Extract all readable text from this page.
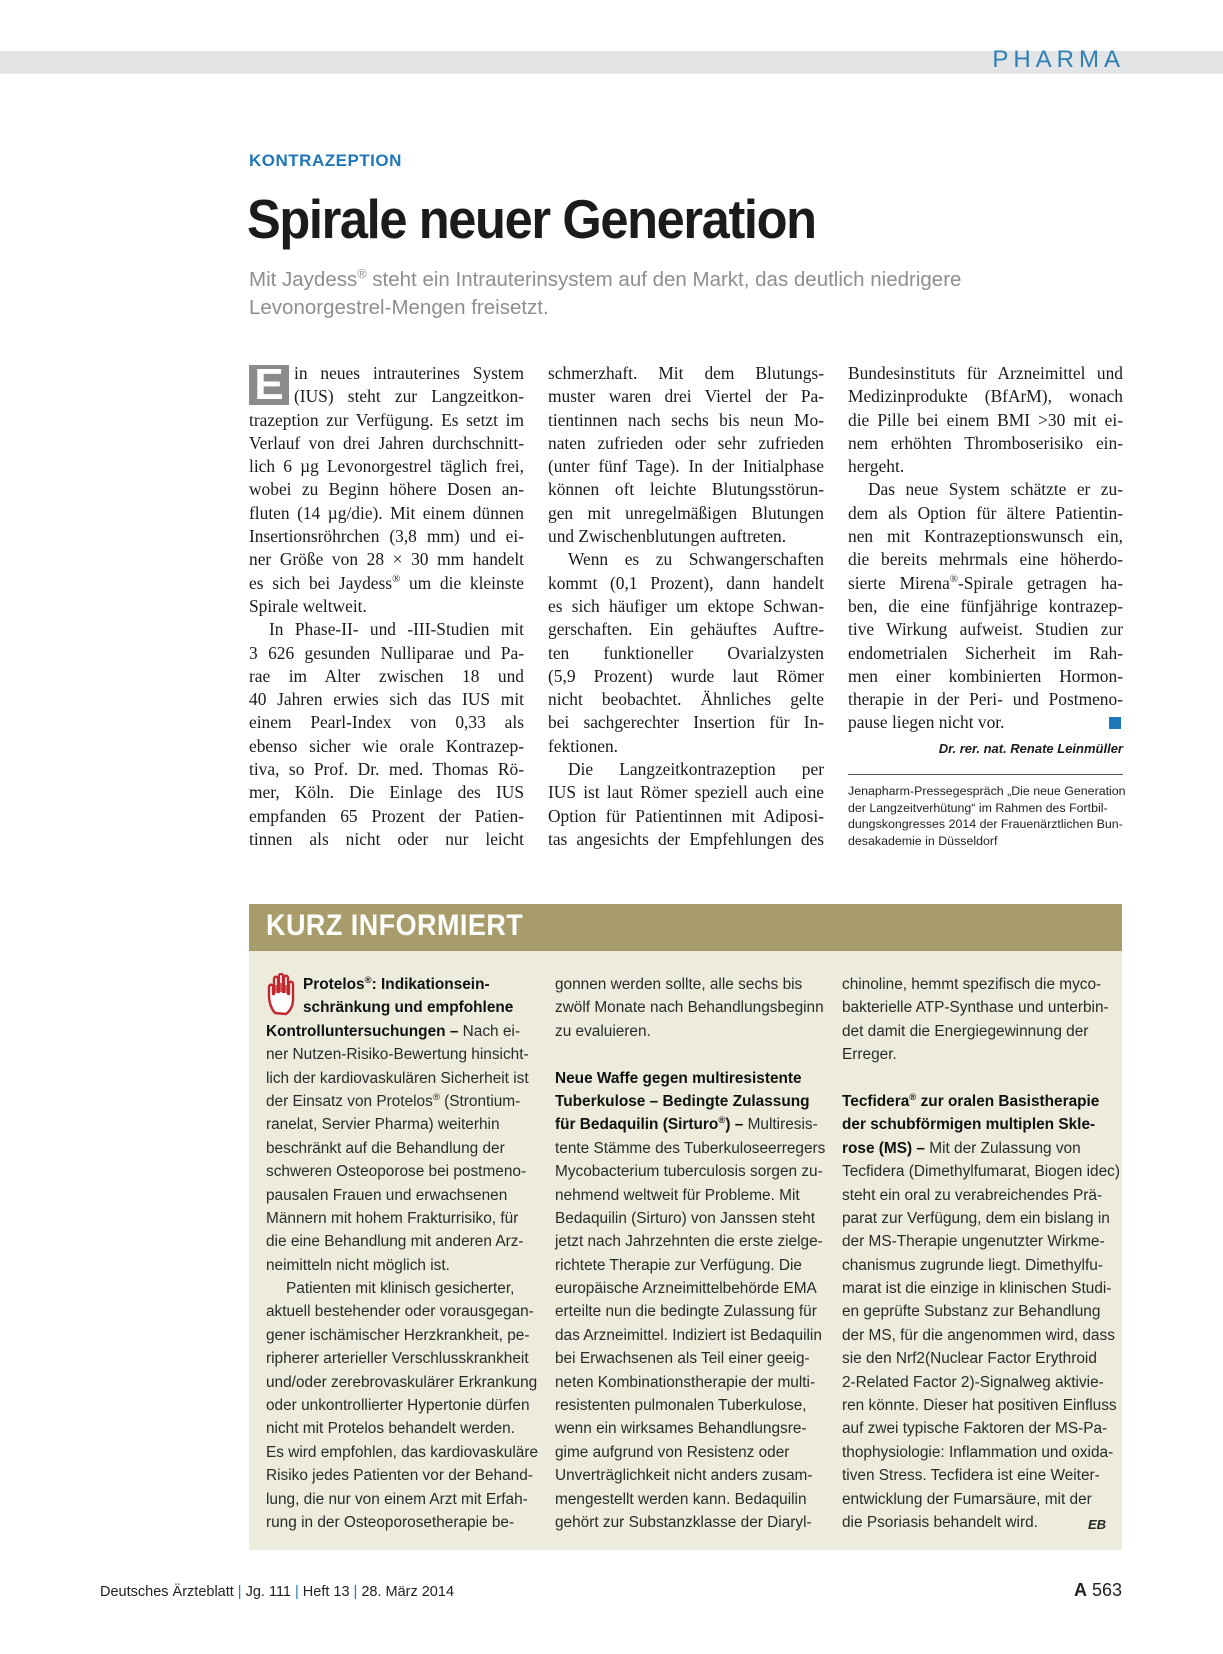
PHARMA
KONTRAZEPTION
Spirale neuer Generation
Mit Jaydess® steht ein Intrauterinsystem auf den Markt, das deutlich niedrigere
Levonorgestrel-Mengen freisetzt.
E in neues intrauterines System
(IUS) steht zur Langzeitkon-
trazeption zur Verfügung. Es setzt im
Verlauf von drei Jahren durchschnitt-
lich 6 µg Levonorgestrel täglich frei,
wobei zu Beginn höhere Dosen an-
fluten (14 µg/die). Mit einem dünnen
Insertionsröhrchen (3,8 mm) und ei-
ner Größe von 28 × 30 mm handelt
es sich bei Jaydess® um die kleinste
Spirale weltweit.
In Phase-II- und -III-Studien mit
3 626 gesunden Nulliparae und Pa-
rae im Alter zwischen 18 und
40 Jahren erwies sich das IUS mit
einem Pearl-Index von 0,33 als
ebenso sicher wie orale Kontrazep-
tiva, so Prof. Dr. med. Thomas Rö-
mer, Köln. Die Einlage des IUS
empfanden 65 Prozent der Patien-
tinnen als nicht oder nur leicht
schmerzhaft. Mit dem Blutungs-
muster waren drei Viertel der Pa-
tientinnen nach sechs bis neun Mo-
naten zufrieden oder sehr zufrieden
(unter fünf Tage). In der Initialphase
können oft leichte Blutungsstörun-
gen mit unregelmäßigen Blutungen
und Zwischenblutungen auftreten.
Wenn es zu Schwangerschaften
kommt (0,1 Prozent), dann handelt
es sich häufiger um ektope Schwan-
gerschaften. Ein gehäuftes Auftre-
ten funktioneller Ovarialzysten
(5,9 Prozent) wurde laut Römer
nicht beobachtet. Ähnliches gelte
bei sachgerechter Insertion für In-
fektionen.
Die Langzeitkontrazeption per
IUS ist laut Römer speziell auch eine
Option für Patientinnen mit Adiposi-
tas angesichts der Empfehlungen des
Bundesinstituts für Arzneimittel und
Medizinprodukte (BfArM), wonach
die Pille bei einem BMI >30 mit ei-
nem erhöhten Thromboserisiko ein-
hergeht.
Das neue System schätzte er zu-
dem als Option für ältere Patientin-
nen mit Kontrazeptionswunsch ein,
die bereits mehrmals eine höherdo-
sierte Mirena®-Spirale getragen ha-
ben, die eine fünfjährige kontrazep-
tive Wirkung aufweist. Studien zur
endometrialen Sicherheit im Rah-
men einer kombinierten Hormon-
therapie in der Peri- und Postmeno-
pause liegen nicht vor.
Dr. rer. nat. Renate Leinmüller
Jenapharm-Pressegespräch „Die neue Generation
der Langzeitverhütung“ im Rahmen des Fortbil-
dungskongresses 2014 der Frauenärztlichen Bun-
desakademie in Düsseldorf
KURZ INFORMIERT
Protelos®: Indikationsein-
schränkung und empfohlene
Kontrolluntersuchungen – Nach ei-
ner Nutzen-Risiko-Bewertung hinsicht-
lich der kardiovaskulären Sicherheit ist
der Einsatz von Protelos® (Strontium-
ranelat, Servier Pharma) weiterhin
beschränkt auf die Behandlung der
schweren Osteoporose bei postmeno-
pausalen Frauen und erwachsenen
Männern mit hohem Frakturrisiko, für
die eine Behandlung mit anderen Arz-
neimitteln nicht möglich ist.
Patienten mit klinisch gesicherter,
aktuell bestehender oder vorausgegan-
gener ischämischer Herzkrankheit, pe-
ripherer arterieller Verschlusskrankheit
und/oder zerebrovaskulärer Erkrankung
oder unkontrollierter Hypertonie dürfen
nicht mit Protelos behandelt werden.
Es wird empfohlen, das kardiovaskuläre
Risiko jedes Patienten vor der Behand-
lung, die nur von einem Arzt mit Erfah-
rung in der Osteoporosetherapie be-
gonnen werden sollte, alle sechs bis
zwölf Monate nach Behandlungsbeginn
zu evaluieren.
Neue Waffe gegen multiresistente
Tuberkulose – Bedingte Zulassung
für Bedaquilin (Sirturo®) – Multiresis-
tente Stämme des Tuberkuloseerregers
Mycobacterium tuberculosis sorgen zu-
nehmend weltweit für Probleme. Mit
Bedaquilin (Sirturo) von Janssen steht
jetzt nach Jahrzehnten die erste zielge-
richtete Therapie zur Verfügung. Die
europäische Arzneimittelbehörde EMA
erteilte nun die bedingte Zulassung für
das Arzneimittel. Indiziert ist Bedaquilin
bei Erwachsenen als Teil einer geeig-
neten Kombinationstherapie der multi-
resistenten pulmonalen Tuberkulose,
wenn ein wirksames Behandlungsre-
gime aufgrund von Resistenz oder
Unverträglichkeit nicht anders zusam-
mengestellt werden kann. Bedaquilin
gehört zur Substanzklasse der Diaryl-
chinoline, hemmt spezifisch die myco-
bakterielle ATP-Synthase und unterbin-
det damit die Energiegewinnung der
Erreger.
Tecfidera® zur oralen Basistherapie
der schubförmigen multiplen Skle-
rose (MS) – Mit der Zulassung von
Tecfidera (Dimethylfumarat, Biogen idec)
steht ein oral zu verabreichendes Prä-
parat zur Verfügung, dem ein bislang in
der MS-Therapie ungenutzter Wirkme-
chanismus zugrunde liegt. Dimethylfu-
marat ist die einzige in klinischen Studi-
en geprüfte Substanz zur Behandlung
der MS, für die angenommen wird, dass
sie den Nrf2(Nuclear Factor Erythroid
2-Related Factor 2)-Signalweg aktivie-
ren könnte. Dieser hat positiven Einfluss
auf zwei typische Faktoren der MS-Pa-
thophysiologie: Inflammation und oxida-
tiven Stress. Tecfidera ist eine Weiter-
entwicklung der Fumarsäure, mit der
die Psoriasis behandelt wird.	EB
Deutsches Ärzteblatt | Jg. 111 | Heft 13 | 28. März 2014	A 563
